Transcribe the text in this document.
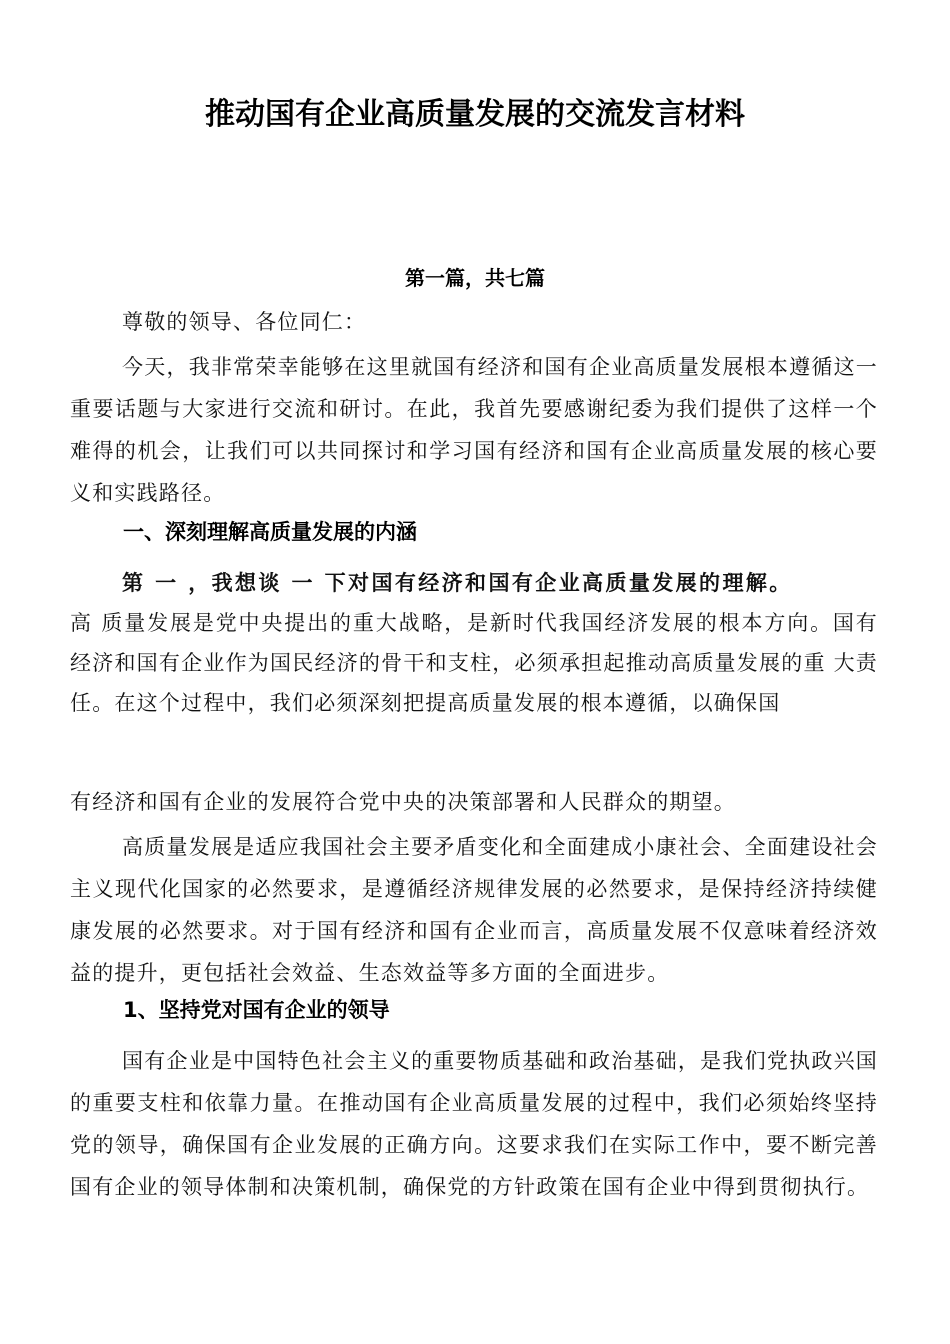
推动国有企业高质量发展的交流发言材料
第一篇，共七篇
尊敬的领导、各位同仁：
今天，我非常荣幸能够在这里就国有经济和国有企业高质量发展根本遵循这一重要话题与大家进行交流和研讨。在此，我首先要感谢纪委为我们提供了这样一个难得的机会，让我们可以共同探讨和学习国有经济和国有企业高质量发展的核心要义和实践路径。
一、深刻理解高质量发展的内涵
第 一 ，我想谈 一 下对国有经济和国有企业高质量发展的理解。
高 质量发展是党中央提出的重大战略，是新时代我国经济发展的根本方向。国有 经济和国有企业作为国民经济的骨干和支柱，必须承担起推动高质量发展的重 大责任。在这个过程中，我们必须深刻把提高质量发展的根本遵循，以确保国
有经济和国有企业的发展符合党中央的决策部署和人民群众的期望。
高质量发展是适应我国社会主要矛盾变化和全面建成小康社会、全面建设社会主义现代化国家的必然要求，是遵循经济规律发展的必然要求，是保持经济持续健康发展的必然要求。对于国有经济和国有企业而言，高质量发展不仅意味着经济效益的提升，更包括社会效益、生态效益等多方面的全面进步。
1、坚持党对国有企业的领导
国有企业是中国特色社会主义的重要物质基础和政治基础，是我们党执政兴国的重要支柱和依靠力量。在推动国有企业高质量发展的过程中，我们必须始终坚持党的领导，确保国有企业发展的正确方向。这要求我们在实际工作中，要不断完善国有企业的领导体制和决策机制，确保党的方针政策在国有企业中得到贯彻执行。
